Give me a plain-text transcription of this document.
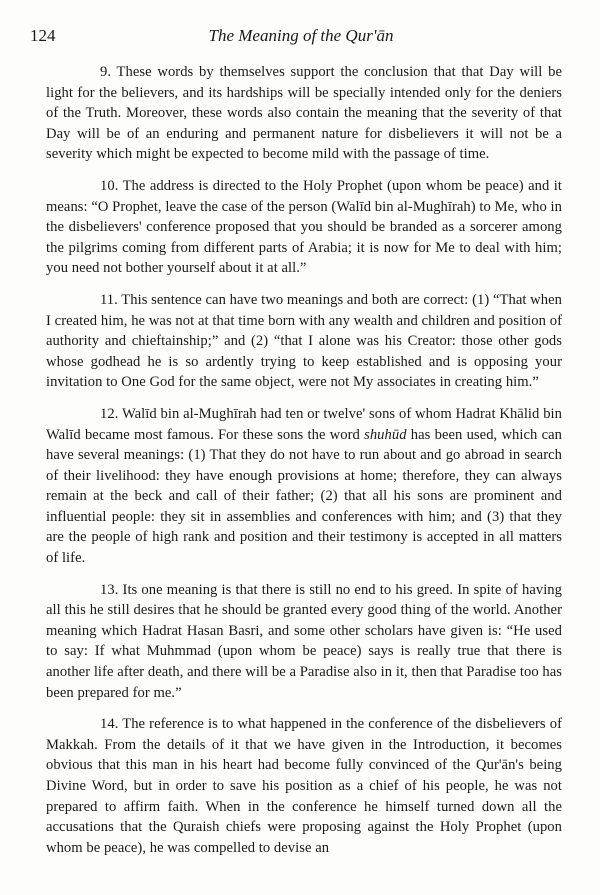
124	The Meaning of the Qur'ān

9. These words by themselves support the conclusion that that Day will be light for the believers, and its hardships will be specially intended only for the deniers of the Truth. Moreover, these words also contain the meaning that the severity of that Day will be of an enduring and permanent nature for disbelievers it will not be a severity which might be expected to become mild with the passage of time.

10. The address is directed to the Holy Prophet (upon whom be peace) and it means: “O Prophet, leave the case of the person (Walīd bin al-Mughīrah) to Me, who in the disbelievers' conference proposed that you should be branded as a sorcerer among the pilgrims coming from different parts of Arabia; it is now for Me to deal with him; you need not bother yourself about it at all.”

11. This sentence can have two meanings and both are correct: (1) “That when I created him, he was not at that time born with any wealth and children and position of authority and chieftainship;” and (2) “that I alone was his Creator: those other gods whose godhead he is so ardently trying to keep established and is opposing your invitation to One God for the same object, were not My associates in creating him.”

12. Walīd bin al-Mughīrah had ten or twelve' sons of whom Hadrat Khālid bin Walīd became most famous. For these sons the word shuhūd has been used, which can have several meanings: (1) That they do not have to run about and go abroad in search of their livelihood: they have enough provisions at home; therefore, they can always remain at the beck and call of their father; (2) that all his sons are prominent and influential people: they sit in assemblies and conferences with him; and (3) that they are the people of high rank and position and their testimony is accepted in all matters of life.

13. Its one meaning is that there is still no end to his greed. In spite of having all this he still desires that he should be granted every good thing of the world. Another meaning which Hadrat Hasan Basri, and some other scholars have given is: “He used to say: If what Muhmmad (upon whom be peace) says is really true that there is another life after death, and there will be a Paradise also in it, then that Paradise too has been prepared for me.”

14. The reference is to what happened in the conference of the disbelievers of Makkah. From the details of it that we have given in the Introduction, it becomes obvious that this man in his heart had become fully convinced of the Qur'ān's being Divine Word, but in order to save his position as a chief of his people, he was not prepared to affirm faith. When in the conference he himself turned down all the accusations that the Quraish chiefs were proposing against the Holy Prophet (upon whom be peace), he was compelled to devise an
